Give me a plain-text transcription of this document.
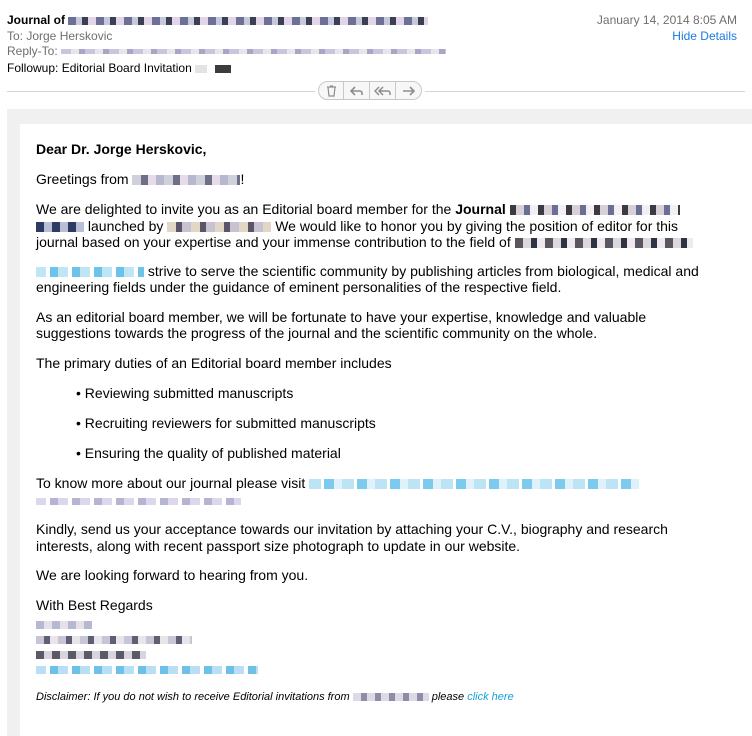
Journal of
To: Jorge Herskovic
Reply-To:
Followup: Editorial Board Invitation
January 14, 2014 8:05 AM
Hide Details
Dear Dr. Jorge Herskovic,
Greetings from	!
We are delighted to invite you as an Editorial board member for the Journal
launched by	We would like to honor you by giving the position of editor for this
journal based on your expertise and your immense contribution to the field of
strive to serve the scientific community by publishing articles from biological, medical and
engineering fields under the guidance of eminent personalities of the respective field.
As an editorial board member, we will be fortunate to have your expertise, knowledge and valuable
suggestions towards the progress of the journal and the scientific community on the whole.
The primary duties of an Editorial board member includes
• Reviewing submitted manuscripts
• Recruiting reviewers for submitted manuscripts
• Ensuring the quality of published material
To know more about our journal please visit
Kindly, send us your acceptance towards our invitation by attaching your C.V., biography and research
interests, along with recent passport size photograph to update in our website.
We are looking forward to hearing from you.
With Best Regards
Disclaimer: If you do not wish to receive Editorial invitations from	please click here
